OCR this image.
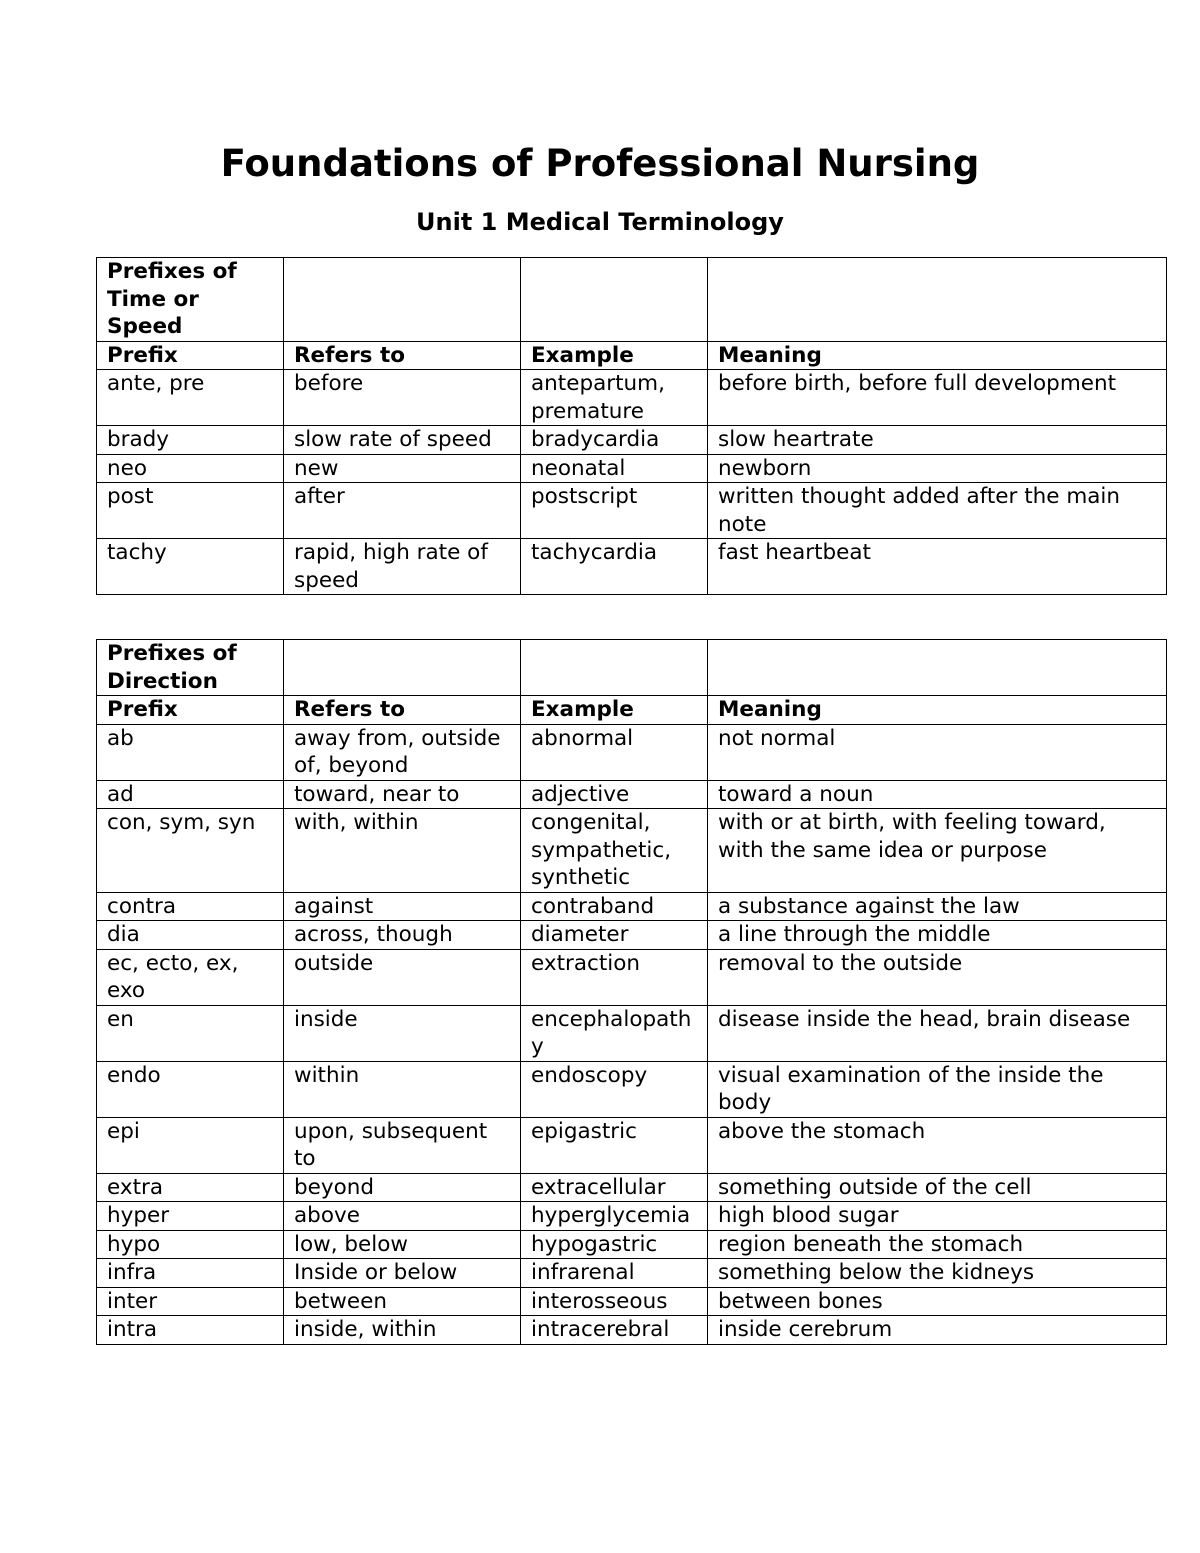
Foundations of Professional Nursing
Unit 1 Medical Terminology
Prefixes of Time or Speed			
Prefix	Refers to	Example	Meaning
ante, pre	before	antepartum, premature	before birth, before full development
brady	slow rate of speed	bradycardia	slow heartrate
neo	new	neonatal	newborn
post	after	postscript	written thought added after the main note
tachy	rapid, high rate of speed	tachycardia	fast heartbeat
Prefixes of Direction			
Prefix	Refers to	Example	Meaning
ab	away from, outside of, beyond	abnormal	not normal
ad	toward, near to	adjective	toward a noun
con, sym, syn	with, within	congenital, sympathetic, synthetic	with or at birth, with feeling toward, with the same idea or purpose
contra	against	contraband	a substance against the law
dia	across, though	diameter	a line through the middle
ec, ecto, ex, exo	outside	extraction	removal to the outside
en	inside	encephalopathy	disease inside the head, brain disease
endo	within	endoscopy	visual examination of the inside the body
epi	upon, subsequent to	epigastric	above the stomach
extra	beyond	extracellular	something outside of the cell
hyper	above	hyperglycemia	high blood sugar
hypo	low, below	hypogastric	region beneath the stomach
infra	Inside or below	infrarenal	something below the kidneys
inter	between	interosseous	between bones
intra	inside, within	intracerebral	inside cerebrum
